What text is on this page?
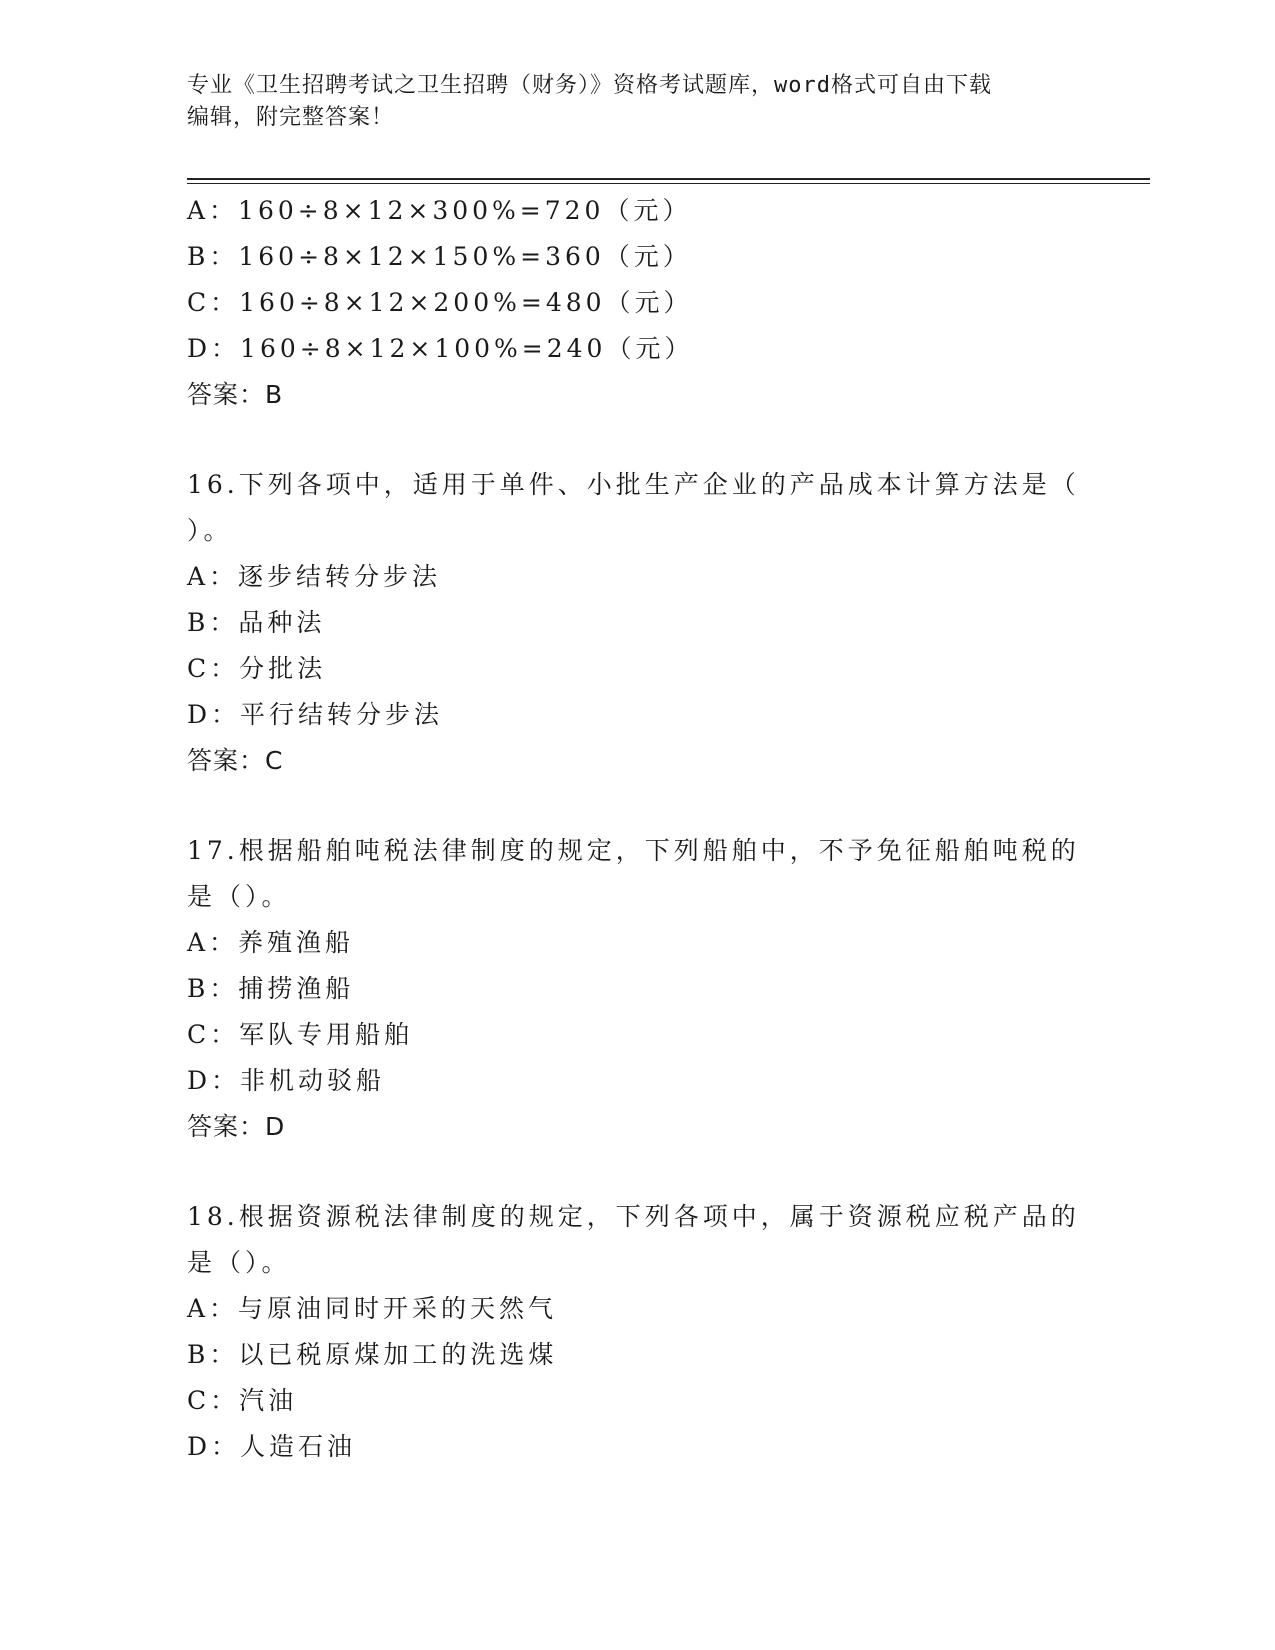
专业《卫生招聘考试之卫生招聘（财务）》资格考试题库，word格式可自由下载
编辑，附完整答案！
A：160÷8×12×300%=720（元）
B：160÷8×12×150%=360（元）
C：160÷8×12×200%=480（元）
D：160÷8×12×100%=240（元）
答案：B
16.下列各项中，适用于单件、小批生产企业的产品成本计算方法是（
）。
A：逐步结转分步法
B：品种法
C：分批法
D：平行结转分步法
答案：C
17.根据船舶吨税法律制度的规定，下列船舶中，不予免征船舶吨税的
是（）。
A：养殖渔船
B：捕捞渔船
C：军队专用船舶
D：非机动驳船
答案：D
18.根据资源税法律制度的规定，下列各项中，属于资源税应税产品的
是（）。
A：与原油同时开采的天然气
B：以已税原煤加工的洗选煤
C：汽油
D：人造石油
